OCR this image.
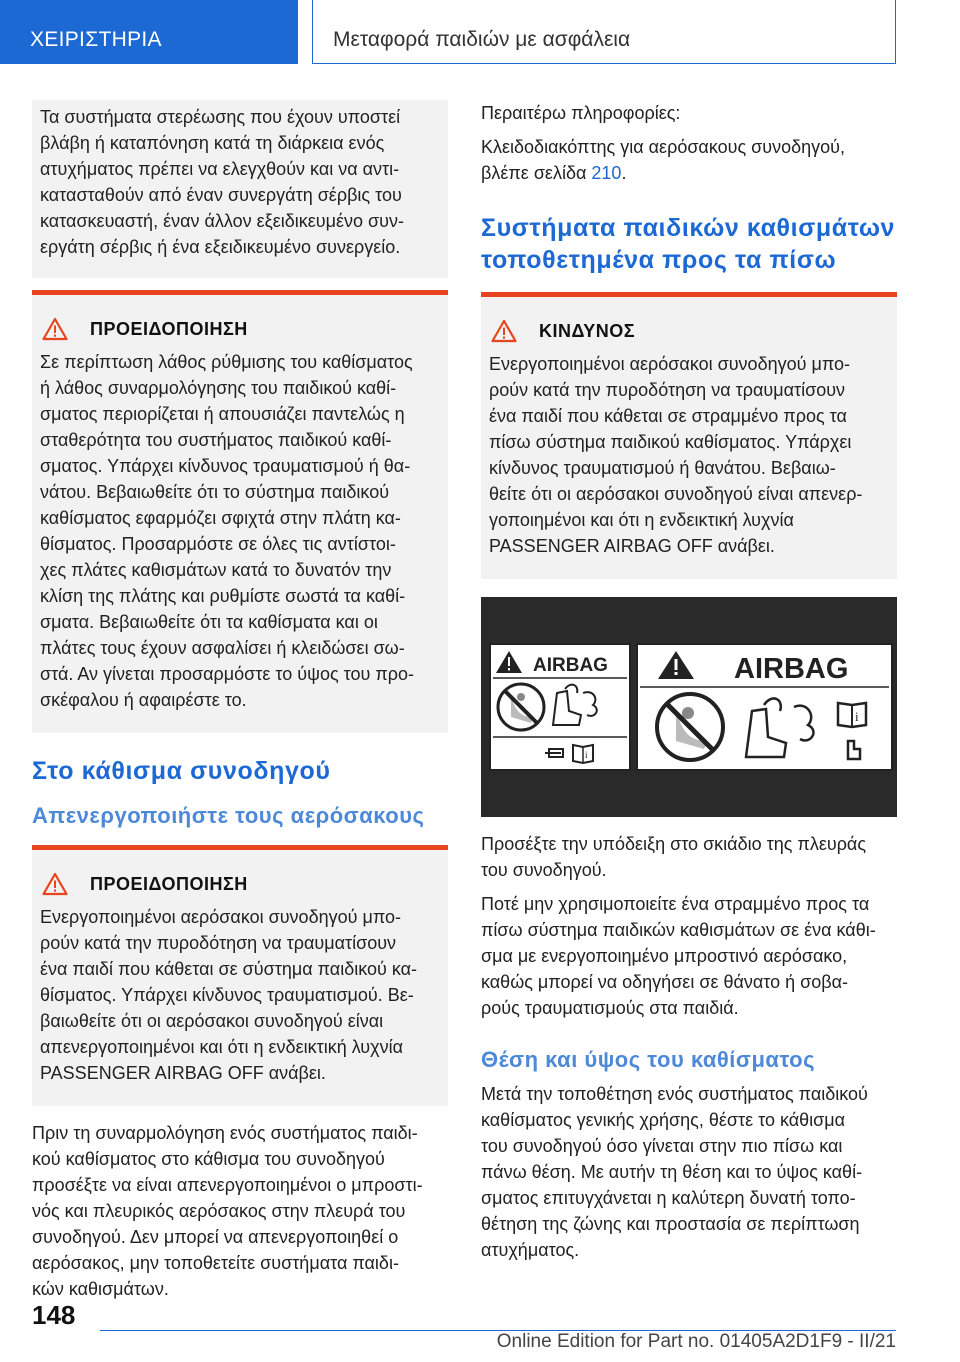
ΧΕΙΡΙΣΤΗΡΙΑ	Μεταφορά παιδιών με ασφάλεια

Τα συστήματα στερέωσης που έχουν υποστεί

βλάβη ή καταπόνηση κατά τη διάρκεια ενός

ατυχήματος πρέπει να ελεγχθούν και να αντι-

κατασταθούν από έναν συνεργάτη σέρβις του

κατασκευαστή, έναν άλλον εξειδικευμένο συν-

εργάτη σέρβις ή ένα εξειδικευμένο συνεργείο.

ΠΡΟΕΙΔΟΠΟΙΗΣΗ

Σε περίπτωση λάθος ρύθμισης του καθίσματος

ή λάθος συναρμολόγησης του παιδικού καθί-

σματος περιορίζεται ή απουσιάζει παντελώς η

σταθερότητα του συστήματος παιδικού καθί-

σματος. Υπάρχει κίνδυνος τραυματισμού ή θα-

νάτου. Βεβαιωθείτε ότι το σύστημα παιδικού

καθίσματος εφαρμόζει σφιχτά στην πλάτη κα-

θίσματος. Προσαρμόστε σε όλες τις αντίστοι-

χες πλάτες καθισμάτων κατά το δυνατόν την

κλίση της πλάτης και ρυθμίστε σωστά τα καθί-

σματα. Βεβαιωθείτε ότι τα καθίσματα και οι

πλάτες τους έχουν ασφαλίσει ή κλειδώσει σω-

στά. Αν γίνεται προσαρμόστε το ύψος του προ-

σκέφαλου ή αφαιρέστε το.

Στο κάθισμα συνοδηγού
Απενεργοποιήστε τους αερόσακους
ΠΡΟΕΙΔΟΠΟΙΗΣΗ

Ενεργοποιημένοι αερόσακοι συνοδηγού μπο-

ρούν κατά την πυροδότηση να τραυματίσουν

ένα παιδί που κάθεται σε σύστημα παιδικού κα-

θίσματος. Υπάρχει κίνδυνος τραυματισμού. Βε-

βαιωθείτε ότι οι αερόσακοι συνοδηγού είναι

απενεργοποιημένοι και ότι η ενδεικτική λυχνία

PASSENGER AIRBAG OFF ανάβει.

Πριν τη συναρμολόγηση ενός συστήματος παιδι-

κού καθίσματος στο κάθισμα του συνοδηγού

προσέξτε να είναι απενεργοποιημένοι ο μπροστι-

νός και πλευρικός αερόσακος στην πλευρά του

συνοδηγού. Δεν μπορεί να απενεργοποιηθεί ο

αερόσακος, μην τοποθετείτε συστήματα παιδι-

κών καθισμάτων.

Περαιτέρω πληροφορίες:

Κλειδοδιακόπτης για αερόσακους συνοδηγού,

βλέπε σελίδα 210.

Συστήματα παιδικών καθισμάτων
τοποθετημένα προς τα πίσω
ΚΙΝΔΥΝΟΣ

Ενεργοποιημένοι αερόσακοι συνοδηγού μπο-

ρούν κατά την πυροδότηση να τραυματίσουν

ένα παιδί που κάθεται σε στραμμένο προς τα

πίσω σύστημα παιδικού καθίσματος. Υπάρχει

κίνδυνος τραυματισμού ή θανάτου. Βεβαιω-

θείτε ότι οι αερόσακοι συνοδηγού είναι απενερ-

γοποιημένοι και ότι η ενδεικτική λυχνία

PASSENGER AIRBAG OFF ανάβει.

AIRBAG
i
AIRBAG
i

Προσέξτε την υπόδειξη στο σκιάδιο της πλευράς

του συνοδηγού.

Ποτέ μην χρησιμοποιείτε ένα στραμμένο προς τα

πίσω σύστημα παιδικών καθισμάτων σε ένα κάθι-

σμα με ενεργοποιημένο μπροστινό αερόσακο,

καθώς μπορεί να οδηγήσει σε θάνατο ή σοβα-

ρούς τραυματισμούς στα παιδιά.

Θέση και ύψος του καθίσματος

Μετά την τοποθέτηση ενός συστήματος παιδικού

καθίσματος γενικής χρήσης, θέστε το κάθισμα

του συνοδηγού όσο γίνεται στην πιο πίσω και

πάνω θέση. Με αυτήν τη θέση και το ύψος καθί-

σματος επιτυγχάνεται η καλύτερη δυνατή τοπο-

θέτηση της ζώνης και προστασία σε περίπτωση

ατυχήματος.

148
Online Edition for Part no. 01405A2D1F9 - II/21
